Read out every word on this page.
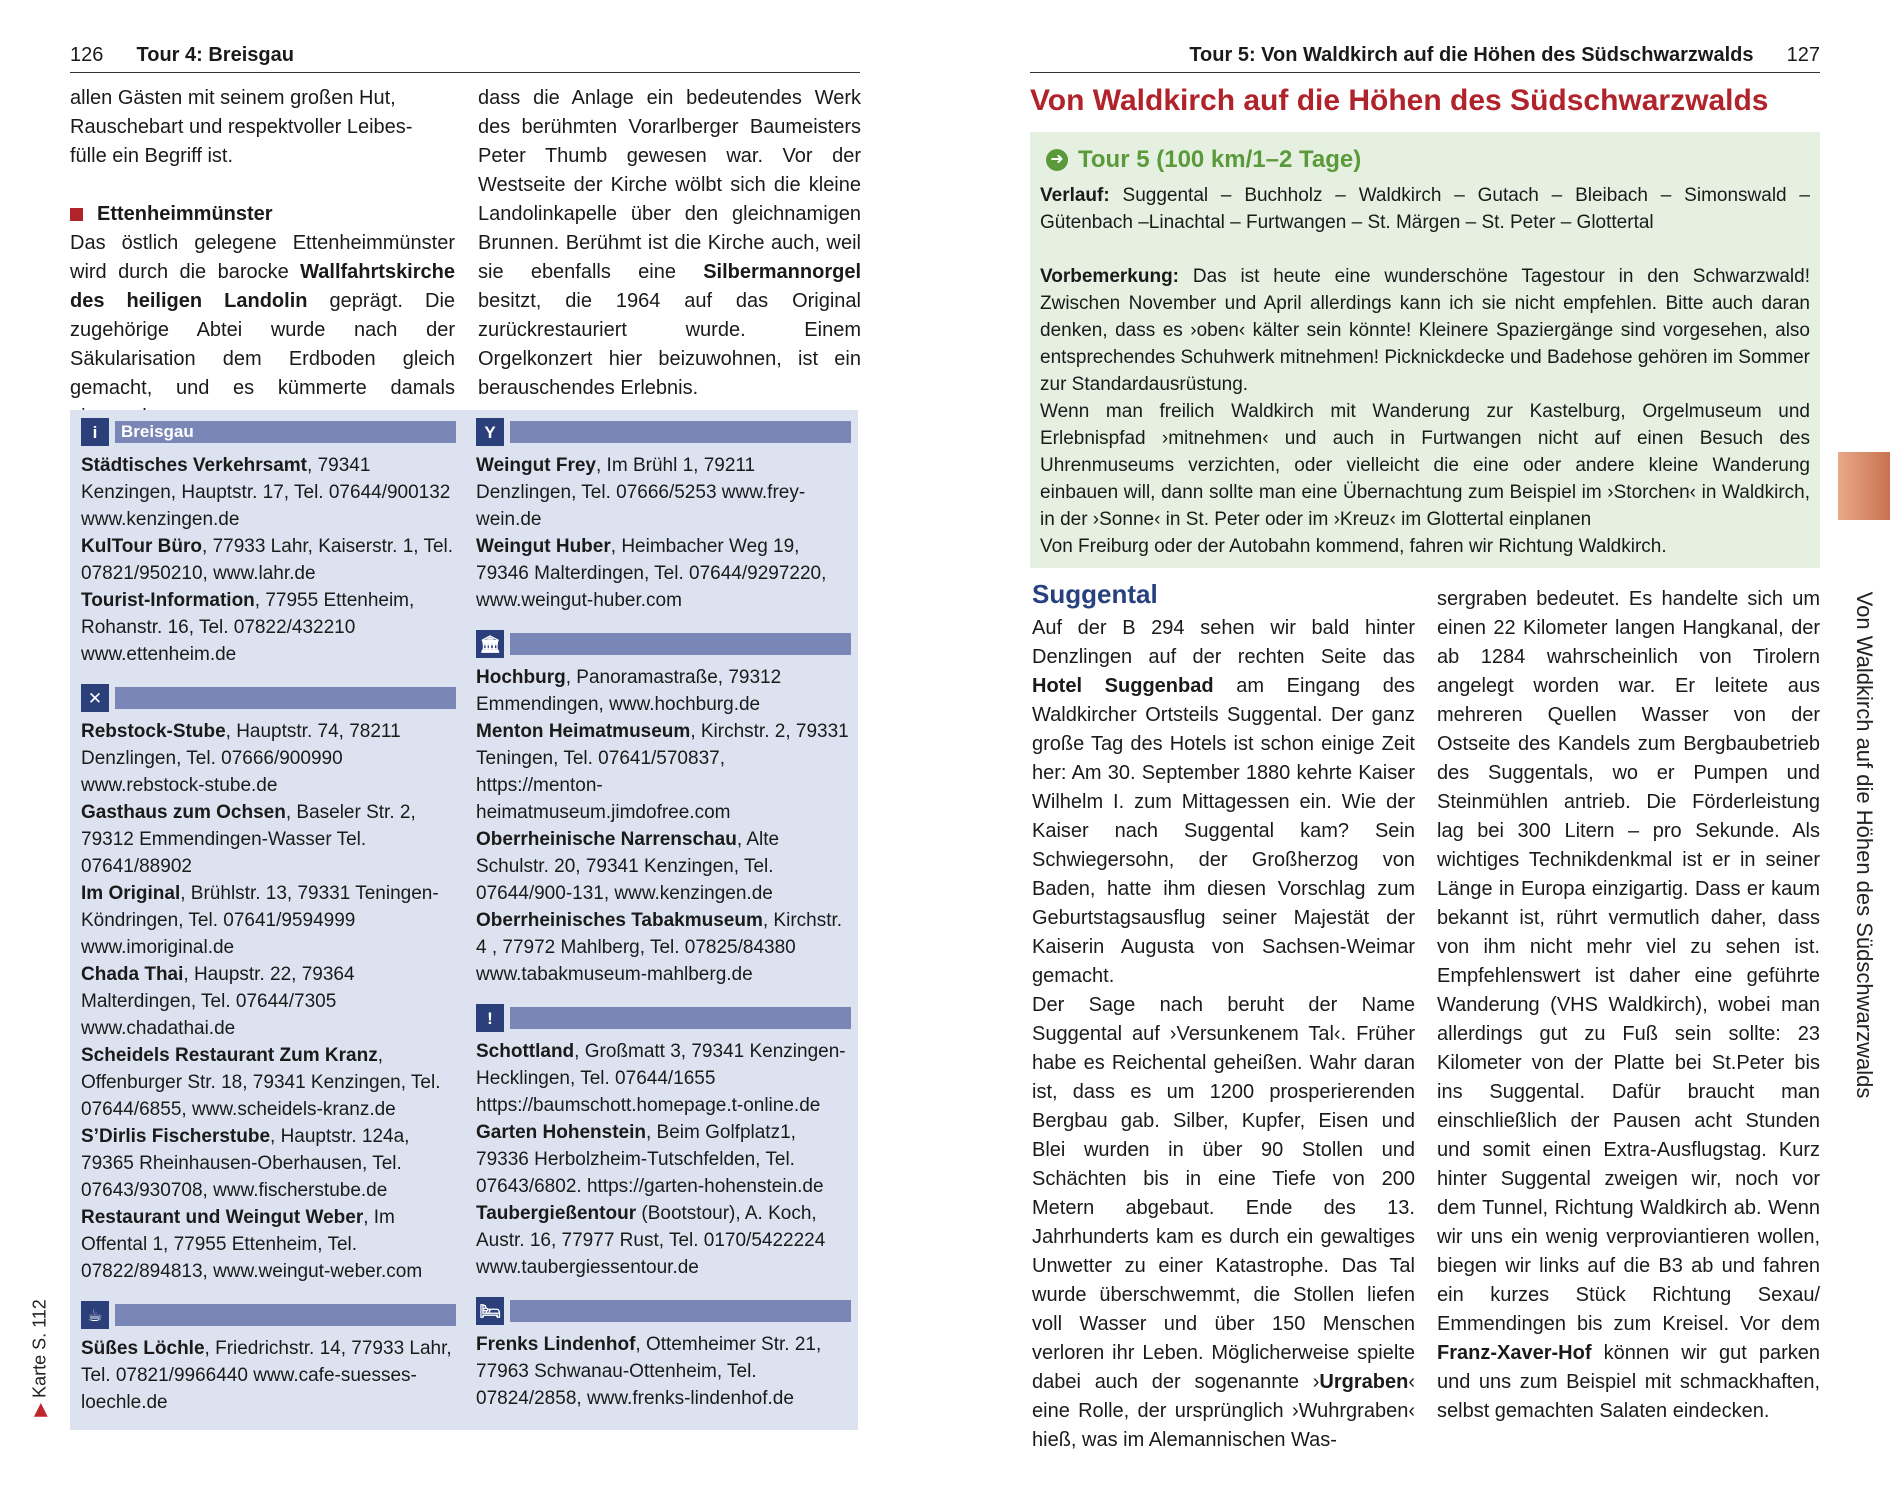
126 Tour 4: Breisgau

allen Gästen mit seinem großen Hut,
Rauschebart und respektvoller Leibes-
fülle ein Begriff ist.

Ettenheimmünster

Das östlich gelegene Ettenheimmünster wird durch die barocke Wallfahrtskirche des heiligen Landolin geprägt. Die zugehörige Abtei wurde nach der Säkularisation dem Erdboden gleich gemacht, und es kümmerte damals

dass die Anlage ein bedeutendes Werk des berühmten Vorarlberger Baumeisters Peter Thumb gewesen war. Vor der Westseite der Kirche wölbt sich die kleine Landolinkapelle über den gleichnamigen Brunnen. Berühmt ist die Kirche auch, weil sie ebenfalls eine Silbermannorgel besitzt, die 1964 auf das Original zurückrestauriert wurde. Einem Orgelkonzert hier beizuwohnen, ist ein berauschendes Erlebnis.

i	Breisgau

Städtisches Verkehrsamt, 79341 Kenzingen, Hauptstr. 17, Tel. 07644/900132 www.kenzingen.de

KulTour Büro, 77933 Lahr, Kaiserstr. 1, Tel. 07821/950210, www.lahr.de

Tourist-Information, 77955 Ettenheim, Rohanstr. 16, Tel. 07822/432210 www.ettenheim.de

✕

Rebstock-Stube, Hauptstr. 74, 78211 Denzlingen, Tel. 07666/900990 www.rebstock-stube.de

Gasthaus zum Ochsen, Baseler Str. 2, 79312 Emmendingen-Wasser Tel. 07641/88902

Im Original, Brühlstr. 13, 79331 Teningen-Köndringen, Tel. 07641/9594999 www.imoriginal.de

Chada Thai, Haupstr. 22, 79364 Malterdingen, Tel. 07644/7305 www.chadathai.de

Scheidels Restaurant Zum Kranz, Offenburger Str. 18, 79341 Kenzingen, Tel. 07644/6855, www.scheidels-kranz.de

S’Dirlis Fischerstube, Hauptstr. 124a, 79365 Rheinhausen-Oberhausen, Tel. 07643/930708, www.fischerstube.de

Restaurant und Weingut Weber, Im Offental 1, 77955 Ettenheim, Tel. 07822/894813, www.weingut-weber.com

☕

Süßes Löchle, Friedrichstr. 14, 77933 Lahr, Tel. 07821/9966440 www.cafe-suesses-loechle.de

Y

Weingut Frey, Im Brühl 1, 79211 Denzlingen, Tel. 07666/5253 www.frey-wein.de

Weingut Huber, Heimbacher Weg 19, 79346 Malterdingen, Tel. 07644/9297220, www.weingut-huber.com

🏛

Hochburg, Panoramastraße, 79312 Emmendingen, www.hochburg.de

Menton Heimatmuseum, Kirchstr. 2, 79331 Teningen, Tel. 07641/570837, https://menton-heimatmuseum.jimdofree.com

Oberrheinische Narrenschau, Alte Schulstr. 20, 79341 Kenzingen, Tel. 07644/900-131, www.kenzingen.de

Oberrheinisches Tabakmuseum, Kirchstr. 4 , 77972 Mahlberg, Tel. 07825/84380 www.tabakmuseum-mahlberg.de

!

Schottland, Großmatt 3, 79341 Kenzingen-Hecklingen, Tel. 07644/1655 https://baumschott.homepage.t-online.de

Garten Hohenstein, Beim Golfplatz1, 79336 Herbolzheim-Tutschfelden, Tel. 07643/6802. https://garten-hohenstein.de

Taubergießentour (Bootstour), A. Koch, Austr. 16, 77977 Rust, Tel. 0170/5422224 www.taubergiessentour.de

🛏

Frenks Lindenhof, Ottemheimer Str. 21, 77963 Schwanau-Ottenheim, Tel. 07824/2858, www.frenks-lindenhof.de

▶ Karte S. 112
Tour 5: Von Waldkirch auf die Höhen des Südschwarzwalds 127
Von Waldkirch auf die Höhen des Südschwarzwalds
➜ Tour 5 (100 km/1–2 Tage)

Verlauf: Suggental – Buchholz – Waldkirch – Gutach – Bleibach – Simonswald – Gütenbach –Linachtal – Furtwangen – St. Märgen – St. Peter – Glottertal

Vorbemerkung: Das ist heute eine wunderschöne Tagestour in den Schwarzwald! Zwischen November und April allerdings kann ich sie nicht empfehlen. Bitte auch daran denken, dass es ›oben‹ kälter sein könnte! Kleinere Spaziergänge sind vorgesehen, also entsprechendes Schuhwerk mitnehmen! Picknickdecke und Badehose gehören im Sommer zur Standardausrüstung.

Wenn man freilich Waldkirch mit Wanderung zur Kastelburg, Orgelmuseum und Erlebnispfad ›mitnehmen‹ und auch in Furtwangen nicht auf einen Besuch des Uhrenmuseums verzichten, oder vielleicht die eine oder andere kleine Wanderung einbauen will, dann sollte man eine Übernachtung zum Beispiel im ›Storchen‹ in Waldkirch, in der ›Sonne‹ in St. Peter oder im ›Kreuz‹ im Glottertal einplanen

Von Freiburg oder der Autobahn kommend, fahren wir Richtung Waldkirch.

Suggental

Auf der B 294 sehen wir bald hinter Denzlingen auf der rechten Seite das Hotel Suggenbad am Eingang des Waldkircher Ortsteils Suggental. Der ganz große Tag des Hotels ist schon einige Zeit her: Am 30. September 1880 kehrte Kaiser Wilhelm I. zum Mittagessen ein. Wie der Kaiser nach Suggental kam? Sein Schwiegersohn, der Großherzog von Baden, hatte ihm diesen Vorschlag zum Geburtstagsausflug seiner Majestät der Kaiserin Augusta von Sachsen-Weimar gemacht.

Der Sage nach beruht der Name Suggental auf ›Versunkenem Tal‹. Früher habe es Reichental geheißen. Wahr daran ist, dass es um 1200 prosperierenden Bergbau gab. Silber, Kupfer, Eisen und Blei wurden in über 90 Stollen und Schächten bis in eine Tiefe von 200 Metern abgebaut. Ende des 13. Jahrhunderts kam es durch ein gewaltiges Unwetter zu einer Katastrophe. Das Tal wurde überschwemmt, die Stollen liefen voll Wasser und über 150 Menschen verloren ihr Leben. Möglicherweise spielte dabei auch der sogenannte ›Urgraben‹ eine Rolle, der ursprünglich ›Wuhrgraben‹ hieß, was im Alemannischen Was-

sergraben bedeutet. Es handelte sich um einen 22 Kilometer langen Hangkanal, der ab 1284 wahrscheinlich von Tirolern angelegt worden war. Er leitete aus mehreren Quellen Wasser von der Ostseite des Kandels zum Bergbaubetrieb des Suggentals, wo er Pumpen und Steinmühlen antrieb. Die Förderleistung lag bei 300 Litern – pro Sekunde. Als wichtiges Technikdenkmal ist er in seiner Länge in Europa einzigartig. Dass er kaum bekannt ist, rührt vermutlich daher, dass von ihm nicht mehr viel zu sehen ist. Empfehlenswert ist daher eine geführte Wanderung (VHS Waldkirch), wobei man allerdings gut zu Fuß sein sollte: 23 Kilometer von der Platte bei St.Peter bis ins Suggental. Dafür braucht man einschließlich der Pausen acht Stunden und somit einen Extra-Ausflugstag. Kurz hinter Suggental zweigen wir, noch vor dem Tunnel, Richtung Waldkirch ab. Wenn wir uns ein wenig verproviantieren wollen, biegen wir links auf die B3 ab und fahren ein kurzes Stück Richtung Sexau/ Emmendingen bis zum Kreisel. Vor dem Franz-Xaver-Hof können wir gut parken und uns zum Beispiel mit schmackhaften, selbst gemachten Salaten eindecken.

Von Waldkirch auf die Höhen des Südschwarzwalds
